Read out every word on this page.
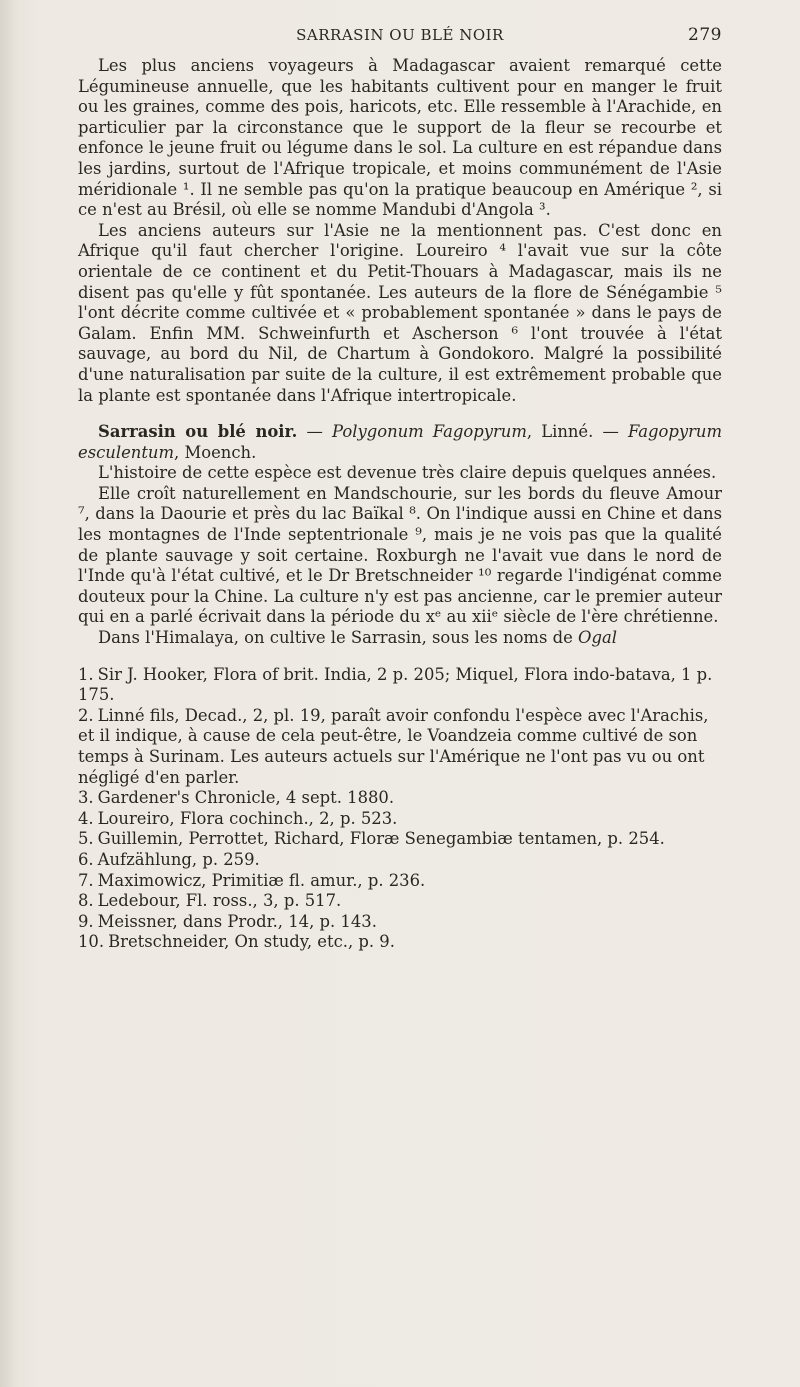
SARRASIN OU BLÉ NOIR	279

Les plus anciens voyageurs à Madagascar avaient remarqué cette Légumineuse annuelle, que les habitants cultivent pour en manger le fruit ou les graines, comme des pois, haricots, etc. Elle ressemble à l'Arachide, en particulier par la circonstance que le support de la fleur se recourbe et enfonce le jeune fruit ou légume dans le sol. La culture en est répandue dans les jardins, surtout de l'Afrique tropicale, et moins communément de l'Asie méridionale ¹. Il ne semble pas qu'on la pratique beaucoup en Amérique ², si ce n'est au Brésil, où elle se nomme Mandubi d'Angola ³.

Les anciens auteurs sur l'Asie ne la mentionnent pas. C'est donc en Afrique qu'il faut chercher l'origine. Loureiro ⁴ l'avait vue sur la côte orientale de ce continent et du Petit-Thouars à Madagascar, mais ils ne disent pas qu'elle y fût spontanée. Les auteurs de la flore de Sénégambie ⁵ l'ont décrite comme cultivée et « probablement spontanée » dans le pays de Galam. Enfin MM. Schweinfurth et Ascherson ⁶ l'ont trouvée à l'état sauvage, au bord du Nil, de Chartum à Gondokoro. Malgré la possibilité d'une naturalisation par suite de la culture, il est extrêmement probable que la plante est spontanée dans l'Afrique intertropicale.

Sarrasin ou blé noir. — Polygonum Fagopyrum, Linné. — Fagopyrum esculentum, Moench.

L'histoire de cette espèce est devenue très claire depuis quelques années.

Elle croît naturellement en Mandschourie, sur les bords du fleuve Amour ⁷, dans la Daourie et près du lac Baïkal ⁸. On l'indique aussi en Chine et dans les montagnes de l'Inde septentrionale ⁹, mais je ne vois pas que la qualité de plante sauvage y soit certaine. Roxburgh ne l'avait vue dans le nord de l'Inde qu'à l'état cultivé, et le Dr Bretschneider ¹⁰ regarde l'indigénat comme douteux pour la Chine. La culture n'y est pas ancienne, car le premier auteur qui en a parlé écrivait dans la période du xᵉ au xiiᵉ siècle de l'ère chrétienne.

Dans l'Himalaya, on cultive le Sarrasin, sous les noms de Ogal

1. Sir J. Hooker, Flora of brit. India, 2 p. 205; Miquel, Flora indo-batava, 1 p. 175.

2. Linné fils, Decad., 2, pl. 19, paraît avoir confondu l'espèce avec l'Arachis, et il indique, à cause de cela peut-être, le Voandzeia comme cultivé de son temps à Surinam. Les auteurs actuels sur l'Amérique ne l'ont pas vu ou ont négligé d'en parler.

3. Gardener's Chronicle, 4 sept. 1880.

4. Loureiro, Flora cochinch., 2, p. 523.

5. Guillemin, Perrottet, Richard, Floræ Senegambiæ tentamen, p. 254.

6. Aufzählung, p. 259.

7. Maximowicz, Primitiæ fl. amur., p. 236.

8. Ledebour, Fl. ross., 3, p. 517.

9. Meissner, dans Prodr., 14, p. 143.

10. Bretschneider, On study, etc., p. 9.
